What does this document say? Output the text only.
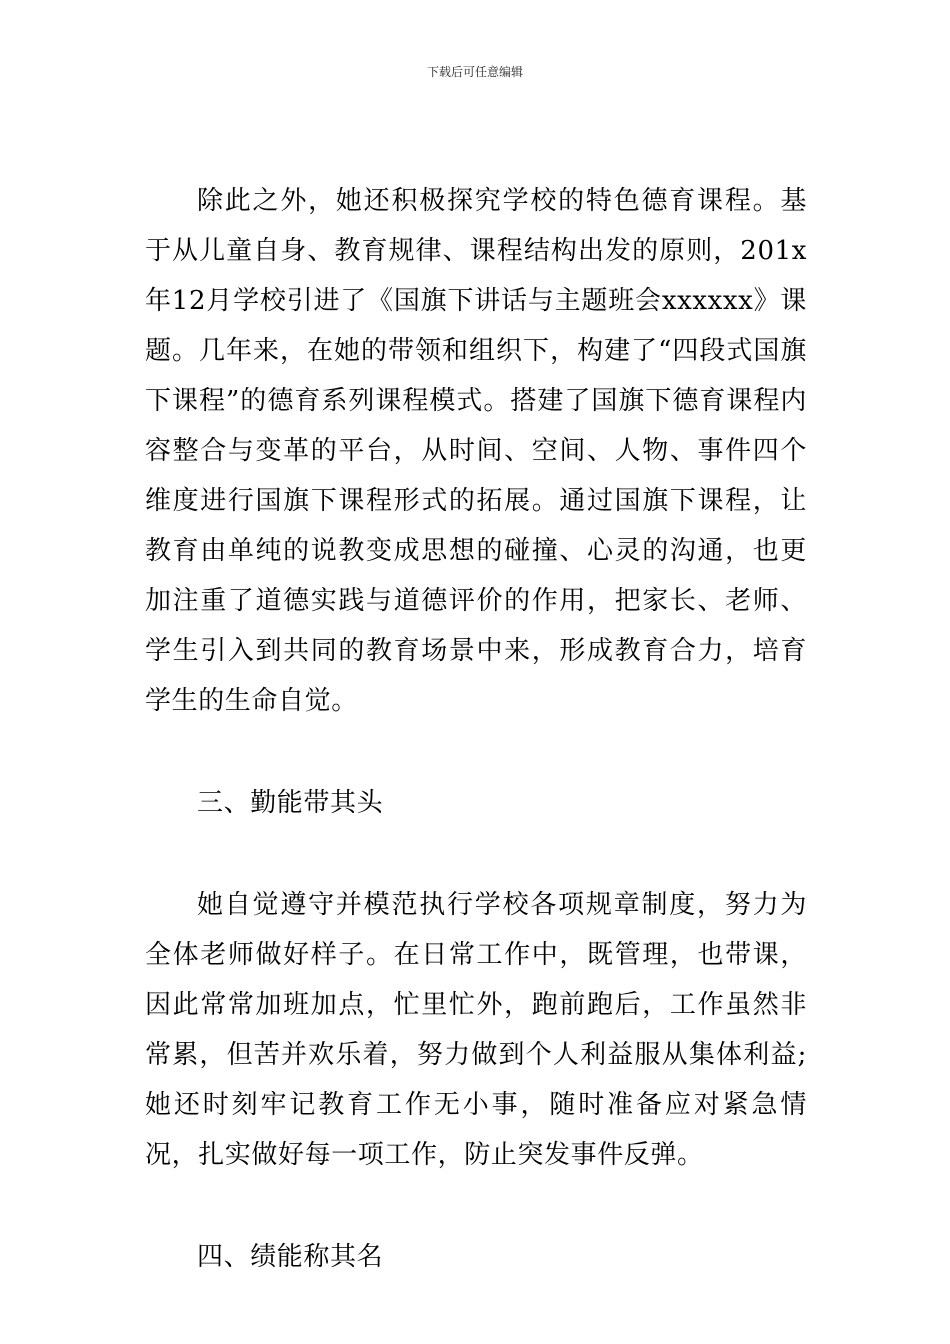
下载后可任意编辑

除此之外，她还积极探究学校的特色德育课程。基于从儿童自身、教育规律、课程结构出发的原则，201x年12月学校引进了《国旗下讲话与主题班会xxxxxx》课题。几年来，在她的带领和组织下，构建了“四段式国旗下课程”的德育系列课程模式。搭建了国旗下德育课程内容整合与变革的平台，从时间、空间、人物、事件四个维度进行国旗下课程形式的拓展。通过国旗下课程，让教育由单纯的说教变成思想的碰撞、心灵的沟通，也更加注重了道德实践与道德评价的作用，把家长、老师、学生引入到共同的教育场景中来，形成教育合力，培育学生的生命自觉。

三、勤能带其头

她自觉遵守并模范执行学校各项规章制度，努力为全体老师做好样子。在日常工作中，既管理，也带课，因此常常加班加点，忙里忙外，跑前跑后，工作虽然非常累，但苦并欢乐着，努力做到个人利益服从集体利益;她还时刻牢记教育工作无小事，随时准备应对紧急情况，扎实做好每一项工作，防止突发事件反弹。

四、绩能称其名
